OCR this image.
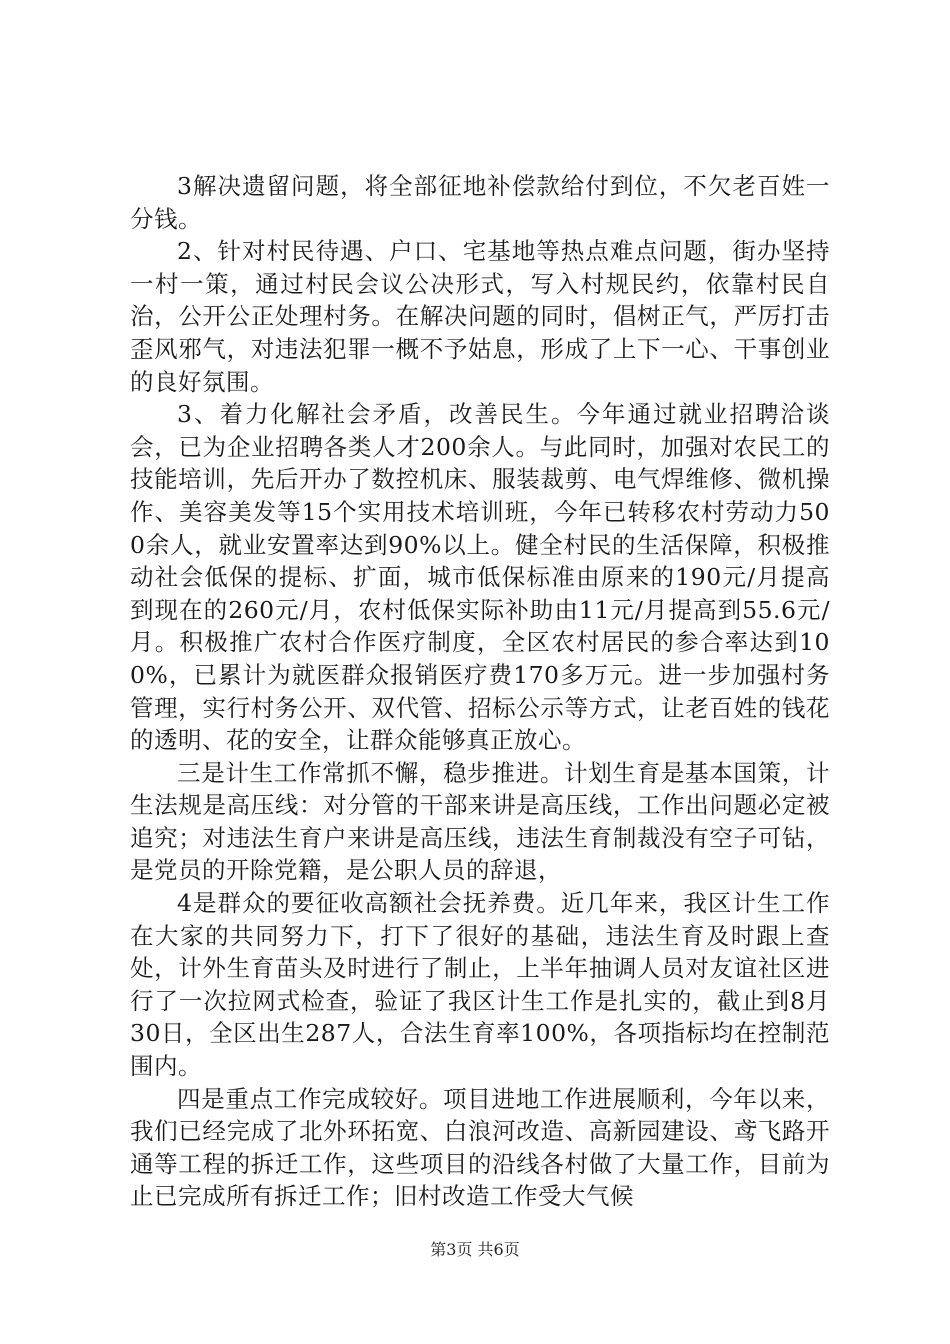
3解决遗留问题，将全部征地补偿款给付到位，不欠老百姓一分钱。

2、针对村民待遇、户口、宅基地等热点难点问题，街办坚持一村一策，通过村民会议公决形式，写入村规民约，依靠村民自治，公开公正处理村务。在解决问题的同时，倡树正气，严厉打击歪风邪气，对违法犯罪一概不予姑息，形成了上下一心、干事创业的良好氛围。

3、着力化解社会矛盾，改善民生。今年通过就业招聘洽谈会，已为企业招聘各类人才200余人。与此同时，加强对农民工的技能培训，先后开办了数控机床、服装裁剪、电气焊维修、微机操作、美容美发等15个实用技术培训班，今年已转移农村劳动力500余人，就业安置率达到90%以上。健全村民的生活保障，积极推动社会低保的提标、扩面，城市低保标准由原来的190元/月提高到现在的260元/月，农村低保实际补助由11元/月提高到55.6元/月。积极推广农村合作医疗制度，全区农村居民的参合率达到100%，已累计为就医群众报销医疗费170多万元。进一步加强村务管理，实行村务公开、双代管、招标公示等方式，让老百姓的钱花的透明、花的安全，让群众能够真正放心。

三是计生工作常抓不懈，稳步推进。计划生育是基本国策，计生法规是高压线：对分管的干部来讲是高压线，工作出问题必定被追究；对违法生育户来讲是高压线，违法生育制裁没有空子可钻，是党员的开除党籍，是公职人员的辞退，

4是群众的要征收高额社会抚养费。近几年来，我区计生工作在大家的共同努力下，打下了很好的基础，违法生育及时跟上查处，计外生育苗头及时进行了制止，上半年抽调人员对友谊社区进行了一次拉网式检查，验证了我区计生工作是扎实的，截止到8月30日，全区出生287人，合法生育率100%，各项指标均在控制范围内。

四是重点工作完成较好。项目进地工作进展顺利，今年以来，我们已经完成了北外环拓宽、白浪河改造、高新园建设、鸢飞路开通等工程的拆迁工作，这些项目的沿线各村做了大量工作，目前为止已完成所有拆迁工作；旧村改造工作受大气候

第3页 共6页
